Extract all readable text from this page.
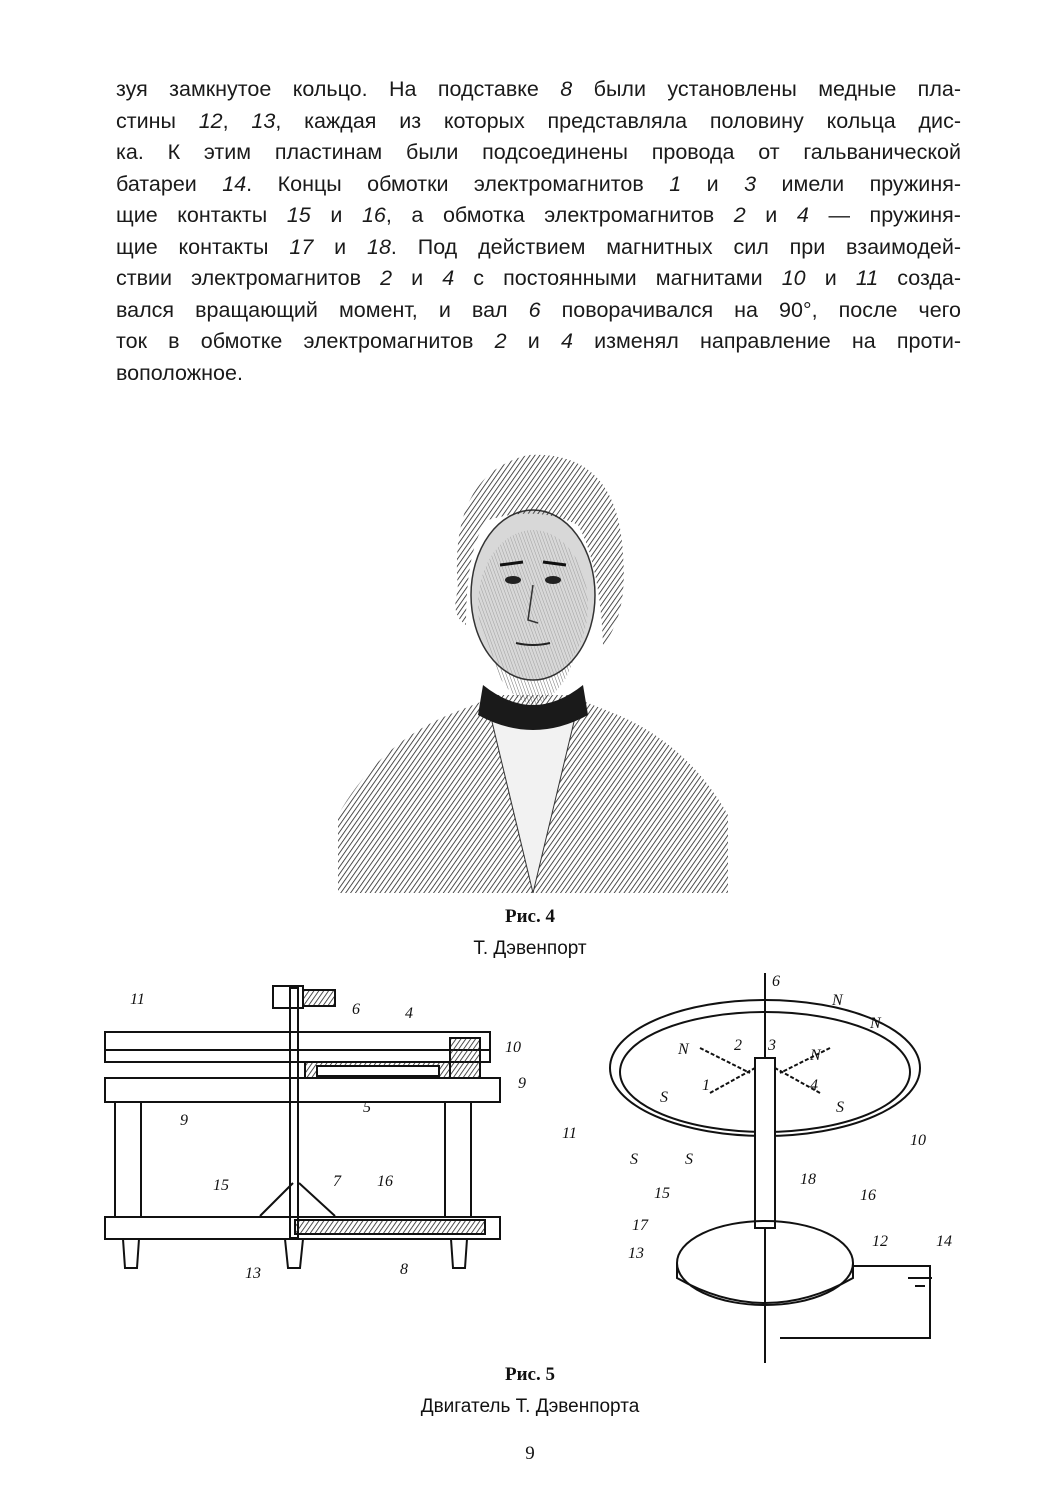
зуя замкнутое кольцо. На подставке 8 были установлены медные пла-
стины 12, 13, каждая из которых представляла половину кольца дис-
ка. К этим пластинам были подсоединены провода от гальванической
батареи 14. Концы обмотки электромагнитов 1 и 3 имели пружиня-
щие контакты 15 и 16, а обмотка электромагнитов 2 и 4 — пружиня-
щие контакты 17 и 18. Под действием магнитных сил при взаимодей-
ствии электромагнитов 2 и 4 с постоянными магнитами 10 и 11 созда-
вался вращающий момент, и вал 6 поворачивался на 90°, после чего
ток в обмотке электромагнитов 2 и 4 изменял направление на проти-
воположное.
Рис. 4
Т. Дэвенпорт
11
6	4
10
9
9
5
15	7 16
13	8
6
N
N
N	2 3
N
1	4
S
S
11	10
S	S
15
18
16
17
12	14
13
Рис. 5
Двигатель Т. Дэвенпорта
9
